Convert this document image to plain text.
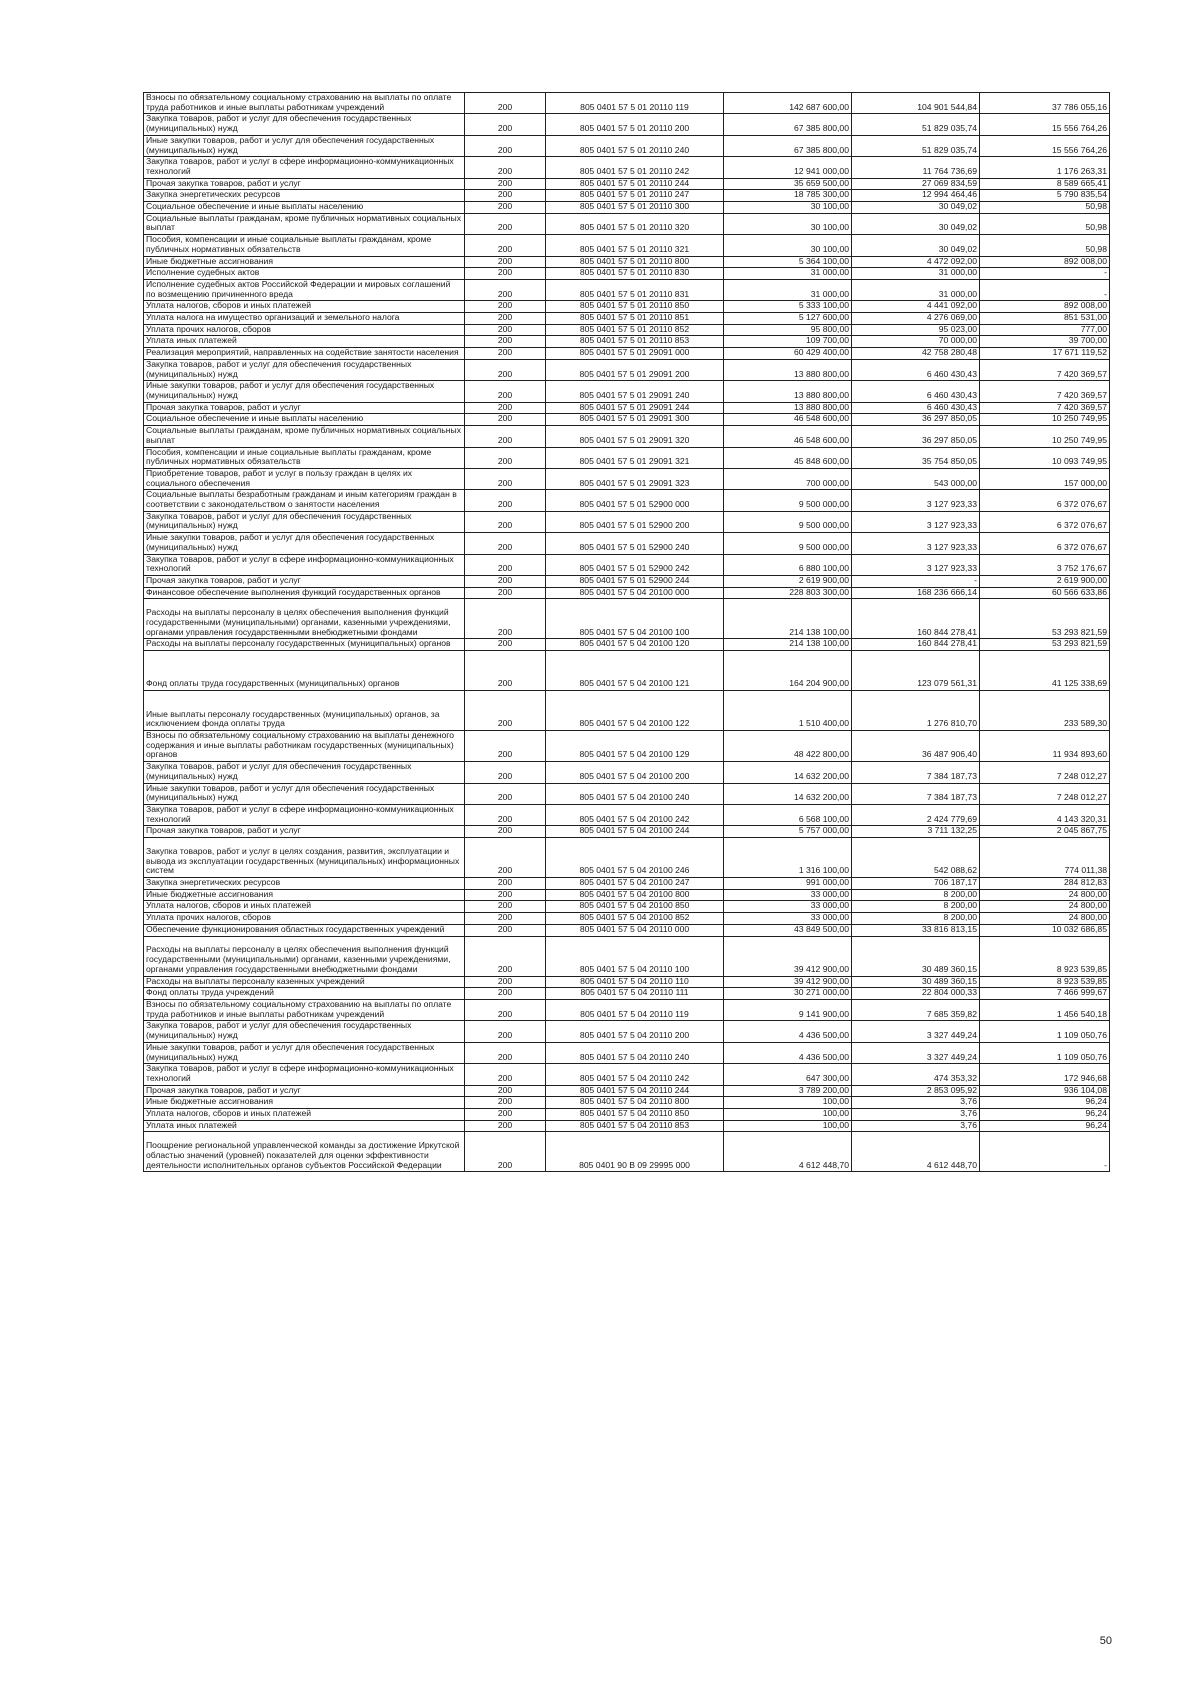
Взносы по обязательному социальному страхованию на выплаты по оплате труда работников и иные выплаты работникам учреждений	200	805 0401 57 5 01 20110 119	142 687 600,00	104 901 544,84	37 786 055,16
Закупка товаров, работ и услуг для обеспечения государственных (муниципальных) нужд	200	805 0401 57 5 01 20110 200	67 385 800,00	51 829 035,74	15 556 764,26
Иные закупки товаров, работ и услуг для обеспечения государственных (муниципальных) нужд	200	805 0401 57 5 01 20110 240	67 385 800,00	51 829 035,74	15 556 764,26
Закупка товаров, работ и услуг в сфере информационно-коммуникационных технологий	200	805 0401 57 5 01 20110 242	12 941 000,00	11 764 736,69	1 176 263,31
Прочая закупка товаров, работ и услуг	200	805 0401 57 5 01 20110 244	35 659 500,00	27 069 834,59	8 589 665,41
Закупка энергетических ресурсов	200	805 0401 57 5 01 20110 247	18 785 300,00	12 994 464,46	5 790 835,54
Социальное обеспечение и иные выплаты населению	200	805 0401 57 5 01 20110 300	30 100,00	30 049,02	50,98
Социальные выплаты гражданам, кроме публичных нормативных социальных выплат	200	805 0401 57 5 01 20110 320	30 100,00	30 049,02	50,98
Пособия, компенсации и иные социальные выплаты гражданам, кроме публичных нормативных обязательств	200	805 0401 57 5 01 20110 321	30 100,00	30 049,02	50,98
Иные бюджетные ассигнования	200	805 0401 57 5 01 20110 800	5 364 100,00	4 472 092,00	892 008,00
Исполнение судебных актов	200	805 0401 57 5 01 20110 830	31 000,00	31 000,00	-
Исполнение судебных актов Российской Федерации и мировых соглашений по возмещению причиненного вреда	200	805 0401 57 5 01 20110 831	31 000,00	31 000,00	-
Уплата налогов, сборов и иных платежей	200	805 0401 57 5 01 20110 850	5 333 100,00	4 441 092,00	892 008,00
Уплата налога на имущество организаций и земельного налога	200	805 0401 57 5 01 20110 851	5 127 600,00	4 276 069,00	851 531,00
Уплата прочих налогов, сборов	200	805 0401 57 5 01 20110 852	95 800,00	95 023,00	777,00
Уплата иных платежей	200	805 0401 57 5 01 20110 853	109 700,00	70 000,00	39 700,00
Реализация мероприятий, направленных на содействие занятости населения	200	805 0401 57 5 01 29091 000	60 429 400,00	42 758 280,48	17 671 119,52
Закупка товаров, работ и услуг для обеспечения государственных (муниципальных) нужд	200	805 0401 57 5 01 29091 200	13 880 800,00	6 460 430,43	7 420 369,57
Иные закупки товаров, работ и услуг для обеспечения государственных (муниципальных) нужд	200	805 0401 57 5 01 29091 240	13 880 800,00	6 460 430,43	7 420 369,57
Прочая закупка товаров, работ и услуг	200	805 0401 57 5 01 29091 244	13 880 800,00	6 460 430,43	7 420 369,57
Социальное обеспечение и иные выплаты населению	200	805 0401 57 5 01 29091 300	46 548 600,00	36 297 850,05	10 250 749,95
Социальные выплаты гражданам, кроме публичных нормативных социальных выплат	200	805 0401 57 5 01 29091 320	46 548 600,00	36 297 850,05	10 250 749,95
Пособия, компенсации и иные социальные выплаты гражданам, кроме публичных нормативных обязательств	200	805 0401 57 5 01 29091 321	45 848 600,00	35 754 850,05	10 093 749,95
Приобретение товаров, работ и услуг в пользу граждан в целях их социального обеспечения	200	805 0401 57 5 01 29091 323	700 000,00	543 000,00	157 000,00
Социальные выплаты безработным гражданам и иным категориям граждан в соответствии с законодательством о занятости населения	200	805 0401 57 5 01 52900 000	9 500 000,00	3 127 923,33	6 372 076,67
Закупка товаров, работ и услуг для обеспечения государственных (муниципальных) нужд	200	805 0401 57 5 01 52900 200	9 500 000,00	3 127 923,33	6 372 076,67
Иные закупки товаров, работ и услуг для обеспечения государственных (муниципальных) нужд	200	805 0401 57 5 01 52900 240	9 500 000,00	3 127 923,33	6 372 076,67
Закупка товаров, работ и услуг в сфере информационно-коммуникационных технологий	200	805 0401 57 5 01 52900 242	6 880 100,00	3 127 923,33	3 752 176,67
Прочая закупка товаров, работ и услуг	200	805 0401 57 5 01 52900 244	2 619 900,00	-	2 619 900,00
Финансовое обеспечение выполнения функций государственных органов	200	805 0401 57 5 04 20100 000	228 803 300,00	168 236 666,14	60 566 633,86
Расходы на выплаты персоналу в целях обеспечения выполнения функций государственными (муниципальными) органами, казенными учреждениями, органами управления государственными внебюджетными фондами	200	805 0401 57 5 04 20100 100	214 138 100,00	160 844 278,41	53 293 821,59
Расходы на выплаты персоналу государственных (муниципальных) органов	200	805 0401 57 5 04 20100 120	214 138 100,00	160 844 278,41	53 293 821,59
Фонд оплаты труда государственных (муниципальных) органов	200	805 0401 57 5 04 20100 121	164 204 900,00	123 079 561,31	41 125 338,69
Иные выплаты персоналу государственных (муниципальных) органов, за исключением фонда оплаты труда	200	805 0401 57 5 04 20100 122	1 510 400,00	1 276 810,70	233 589,30
Взносы по обязательному социальному страхованию на выплаты денежного содержания и иные выплаты работникам государственных (муниципальных) органов	200	805 0401 57 5 04 20100 129	48 422 800,00	36 487 906,40	11 934 893,60
Закупка товаров, работ и услуг для обеспечения государственных (муниципальных) нужд	200	805 0401 57 5 04 20100 200	14 632 200,00	7 384 187,73	7 248 012,27
Иные закупки товаров, работ и услуг для обеспечения государственных (муниципальных) нужд	200	805 0401 57 5 04 20100 240	14 632 200,00	7 384 187,73	7 248 012,27
Закупка товаров, работ и услуг в сфере информационно-коммуникационных технологий	200	805 0401 57 5 04 20100 242	6 568 100,00	2 424 779,69	4 143 320,31
Прочая закупка товаров, работ и услуг	200	805 0401 57 5 04 20100 244	5 757 000,00	3 711 132,25	2 045 867,75
Закупка товаров, работ и услуг в целях создания, развития, эксплуатации и вывода из эксплуатации государственных (муниципальных) информационных систем	200	805 0401 57 5 04 20100 246	1 316 100,00	542 088,62	774 011,38
Закупка энергетических ресурсов	200	805 0401 57 5 04 20100 247	991 000,00	706 187,17	284 812,83
Иные бюджетные ассигнования	200	805 0401 57 5 04 20100 800	33 000,00	8 200,00	24 800,00
Уплата налогов, сборов и иных платежей	200	805 0401 57 5 04 20100 850	33 000,00	8 200,00	24 800,00
Уплата прочих налогов, сборов	200	805 0401 57 5 04 20100 852	33 000,00	8 200,00	24 800,00
Обеспечение функционирования областных государственных учреждений	200	805 0401 57 5 04 20110 000	43 849 500,00	33 816 813,15	10 032 686,85
Расходы на выплаты персоналу в целях обеспечения выполнения функций государственными (муниципальными) органами, казенными учреждениями, органами управления государственными внебюджетными фондами	200	805 0401 57 5 04 20110 100	39 412 900,00	30 489 360,15	8 923 539,85
Расходы на выплаты персоналу казенных учреждений	200	805 0401 57 5 04 20110 110	39 412 900,00	30 489 360,15	8 923 539,85
Фонд оплаты труда учреждений	200	805 0401 57 5 04 20110 111	30 271 000,00	22 804 000,33	7 466 999,67
Взносы по обязательному социальному страхованию на выплаты по оплате труда работников и иные выплаты работникам учреждений	200	805 0401 57 5 04 20110 119	9 141 900,00	7 685 359,82	1 456 540,18
Закупка товаров, работ и услуг для обеспечения государственных (муниципальных) нужд	200	805 0401 57 5 04 20110 200	4 436 500,00	3 327 449,24	1 109 050,76
Иные закупки товаров, работ и услуг для обеспечения государственных (муниципальных) нужд	200	805 0401 57 5 04 20110 240	4 436 500,00	3 327 449,24	1 109 050,76
Закупка товаров, работ и услуг в сфере информационно-коммуникационных технологий	200	805 0401 57 5 04 20110 242	647 300,00	474 353,32	172 946,68
Прочая закупка товаров, работ и услуг	200	805 0401 57 5 04 20110 244	3 789 200,00	2 853 095,92	936 104,08
Иные бюджетные ассигнования	200	805 0401 57 5 04 20110 800	100,00	3,76	96,24
Уплата налогов, сборов и иных платежей	200	805 0401 57 5 04 20110 850	100,00	3,76	96,24
Уплата иных платежей	200	805 0401 57 5 04 20110 853	100,00	3,76	96,24
Поощрение региональной управленческой команды за достижение Иркутской областью значений (уровней) показателей для оценки эффективности деятельности исполнительных органов субъектов Российской Федерации	200	805 0401 90 В 09 29995 000	4 612 448,70	4 612 448,70	-
50
